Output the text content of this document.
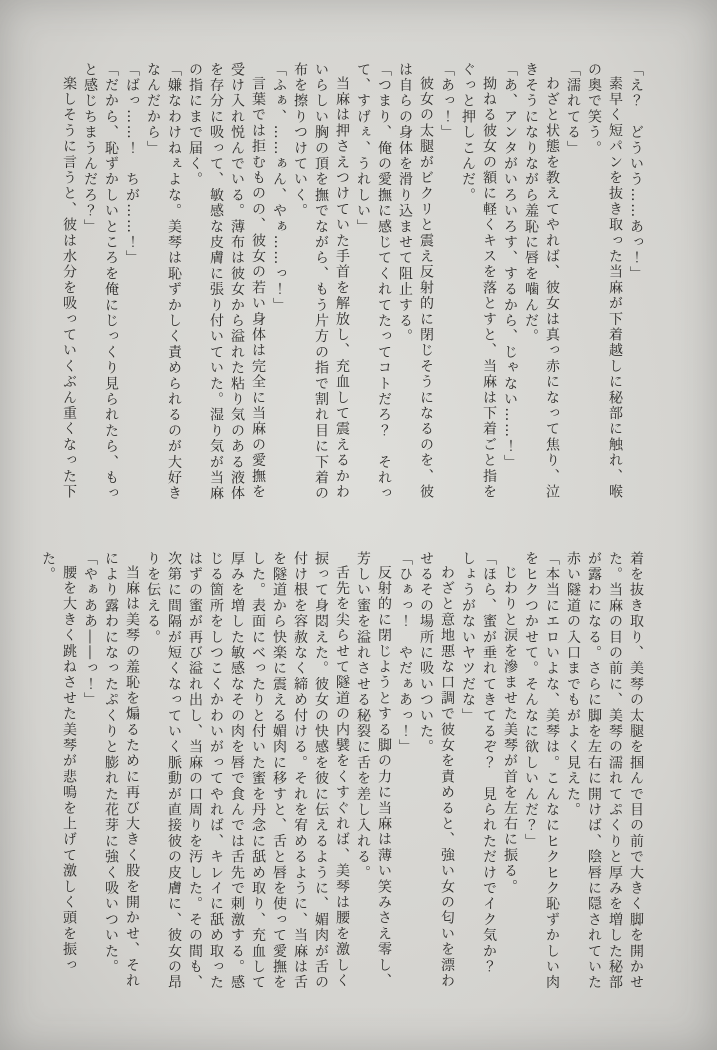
「え？　どういう……あっ！」

素早く短パンを抜き取った当麻が下着越しに秘部に触れ、喉の奥で笑う。

「濡れてる」

わざと状態を教えてやれば、彼女は真っ赤になって焦り、泣きそうになりながら羞恥に唇を噛んだ。

「あ、アンタがいろいろす、するから、じゃない……！」

拗ねる彼女の額に軽くキスを落とすと、当麻は下着ごと指をぐっと押しこんだ。

「あっ！」

彼女の太腿がビクリと震え反射的に閉じそうになるのを、彼は自らの身体を滑り込ませて阻止する。

「つまり、俺の愛撫に感じてくれてたってコトだろ？　それって、すげぇ、うれしい」

当麻は押さえつけていた手首を解放し、充血して震えるかわいらしい胸の頂を撫でながら、もう片方の指で割れ目に下着の布を擦りつけていく。

「ふぁ、……ぁん、やぁ……っ！」

言葉では拒むものの、彼女の若い身体は完全に当麻の愛撫を受け入れ悦んでいる。薄布は彼女から溢れた粘り気のある液体を存分に吸って、敏感な皮膚に張り付いていた。湿り気が当麻の指にまで届く。

「嫌なわけねぇよな。美琴は恥ずかしく責められるのが大好きなんだから」

「ばっ……！　ちが……！」

「だから、恥ずかしいところを俺にじっくり見られたら、もっと感じちまうんだろ？」

楽しそうに言うと、彼は水分を吸っていくぶん重くなった下

着を抜き取り、美琴の太腿を掴んで目の前で大きく脚を開かせた。当麻の目の前に、美琴の濡れてぷくりと厚みを増した秘部が露わになる。さらに脚を左右に開けば、陰唇に隠されていた赤い隧道の入口までもがよく見えた。

「本当にエロいよな、美琴は。こんなにヒクヒク恥ずかしい肉をヒクつかせて。そんなに欲しいんだ？」

じわりと涙を滲ませた美琴が首を左右に振る。

「ほら、蜜が垂れてきてるぞ？　見られただけでイク気か？　しょうがないヤツだな」

わざと意地悪な口調で彼女を責めると、強い女の匂いを漂わせるその場所に吸いついた。

「ひぁっ！　やだぁあっ！」

反射的に閉じようとする脚の力に当麻は薄い笑みさえ零し、芳しい蜜を溢れさせる秘裂に舌を差し入れる。

舌先を尖らせて隧道の内襞をくすぐれば、美琴は腰を激しく捩って身悶えた。彼女の快感を彼に伝えるように、媚肉が舌の付け根を容赦なく締め付ける。それを宥めるように、当麻は舌を隧道から快楽に震える媚肉に移すと、舌と唇を使って愛撫をした。表面にべったりと付いた蜜を丹念に舐め取り、充血して厚みを増した敏感なその肉を唇で食んでは舌先で刺激する。感じる箇所をしつこくかわいがってやれば、キレイに舐め取ったはずの蜜が再び溢れ出し、当麻の口周りを汚した。その間も、次第に間隔が短くなっていく脈動が直接彼の皮膚に、彼女の昂りを伝える。

当麻は美琴の羞恥を煽るために再び大きく股を開かせ、それにより露わになったぷくりと膨れた花芽に強く吸いついた。

「やぁああ――っ！」

腰を大きく跳ねさせた美琴が悲鳴を上げて激しく頭を振った。
